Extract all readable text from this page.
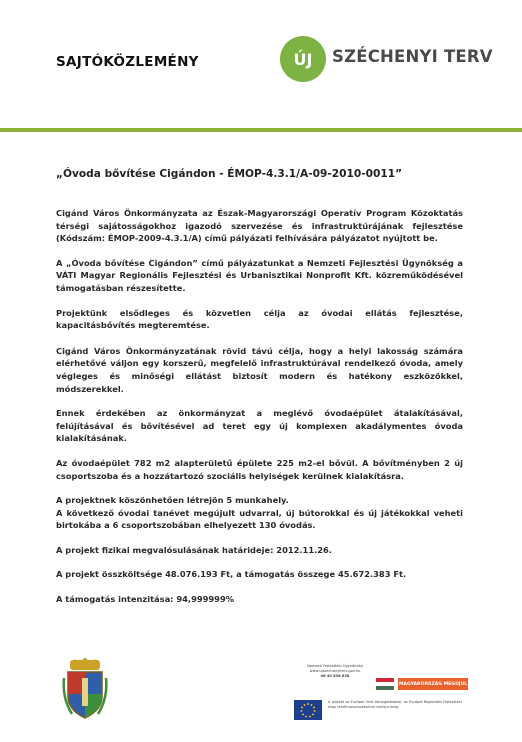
SAJTÓKÖZLEMÉNY	ÚJ	SZÉCHENYI TERV
„Óvoda bővítése Cigándon - ÉMOP-4.3.1/A-09-2010-0011”

Cigánd Város Önkormányzata az Észak-Magyarországi Operatív Program Közoktatás térségi sajátosságokhoz igazodó szervezése és infrastruktúrájának fejlesztése (Kódszám: ÉMOP-2009-4.3.1/A) című pályázati felhívására pályázatot nyújtott be.

A „Óvoda bővítése Cigándon” című pályázatunkat a Nemzeti Fejlesztési Ügynökség a VÁTI Magyar Regionális Fejlesztési és Urbanisztikai Nonprofit Kft. közreműködésével támogatásban részesítette.

Projektünk elsődleges és közvetlen célja az óvodai ellátás fejlesztése, kapacitásbővítés megteremtése.

Cigánd Város Önkormányzatának rövid távú célja, hogy a helyi lakosság számára elérhetővé váljon egy korszerű, megfelelő infrastruktúrával rendelkező óvoda, amely végleges és minőségi ellátást biztosít modern és hatékony eszközökkel, módszerekkel.

Ennek érdekében az önkormányzat a meglévő óvodaépület átalakításával, felújításával és bővítésével ad teret egy új komplexen akadálymentes óvoda kialakításának.

Az óvodaépület 782 m2 alapterületű épülete 225 m2-el bővül. A bővítményben 2 új csoportszoba és a hozzátartozó szociális helyiségek kerülnek kialakításra.

A projektnek köszönhetően létrejön 5 munkahely.

A következő óvodai tanévet megújult udvarral, új bútorokkal és új játékokkal veheti birtokába a 6 csoportszobában elhelyezett 130 óvodás.

A projekt fizikai megvalósulásának határideje: 2012.11.26.

A projekt összköltsége 48.076.193 Ft, a támogatás összege 45.672.383 Ft.

A támogatás intenzitása: 94,999999%

Nemzeti Fejlesztési Ügynökség
www.ujszechenyiterv.gov.hu
06 40 638 638
MAGYARORSZÁG MEGÚJUL
A projekt az Európai Unió támogatásával, az Európai Regionális Fejlesztési Alap társfinanszírozásával valósul meg.
